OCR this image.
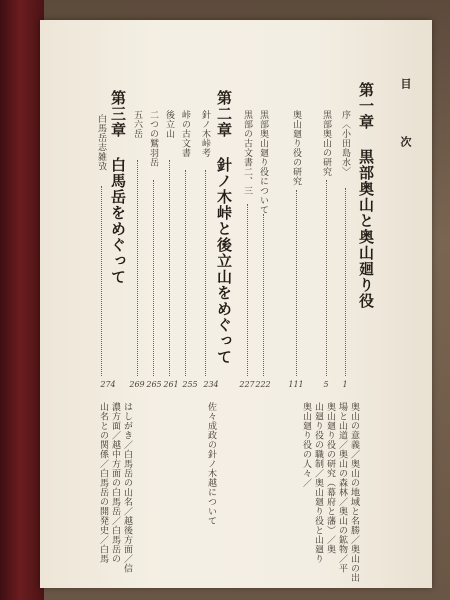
目　次

第一章 黒部奥山と奥山廻り役

序〈小田島水〉

1

黒部奥山の研究

5

奥山廻り役の研究

111

黒部奥山廻り役について

222

黒部の古文書二、三

227

第二章 針ノ木峠と後立山をめぐって

針ノ木峠考

234

峠の古文書

255

後立山

261

二つの鷲羽岳

265

五六岳

269

第三章 白馬岳をめぐって

白馬岳志雑攷

274

奥山の意義／奥山の地域と名勝／奥山の出

場と山道／奥山の森林／奥山の鉱物／平

奥山廻り役の研究（幕府と藩）／奥

山廻り役の職制／奥山廻り役と山廻り

奥山廻り役の人々／

佐々成政の針ノ木越について

はしがき／白馬岳の山名／越後方面／信

濃方面／越中方面の白馬岳／白馬岳の

山名との関係／白馬岳の開発史／白馬
